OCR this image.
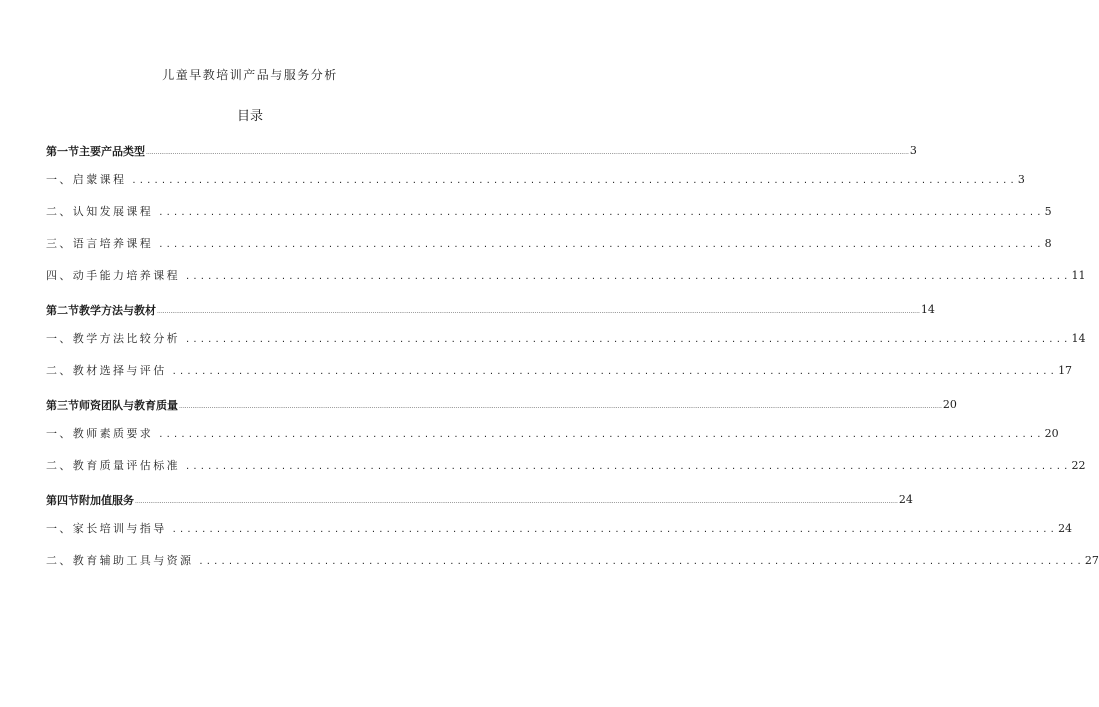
儿童早教培训产品与服务分析
目录
第一节主要产品类型 ................................................................................................................................................................................................................................................................................................................................................................................................................ 3
一、启蒙课程 ........................................................................................................................ 3
二、认知发展课程 ........................................................................................................................ 5
三、语言培养课程 ........................................................................................................................ 8
四、动手能力培养课程 ........................................................................................................................ 11
第二节教学方法与教材 ................................................................................................................................................................................................................................................................................................................................................................................................................ 14
一、教学方法比较分析 ........................................................................................................................ 14
二、教材选择与评估 ........................................................................................................................ 17
第三节师资团队与教育质量 ................................................................................................................................................................................................................................................................................................................................................................................................................ 20
一、教师素质要求 ........................................................................................................................ 20
二、教育质量评估标准 ........................................................................................................................ 22
第四节附加值服务 ................................................................................................................................................................................................................................................................................................................................................................................................................ 24
一、家长培训与指导 ........................................................................................................................ 24
二、教育辅助工具与资源 ........................................................................................................................ 27
